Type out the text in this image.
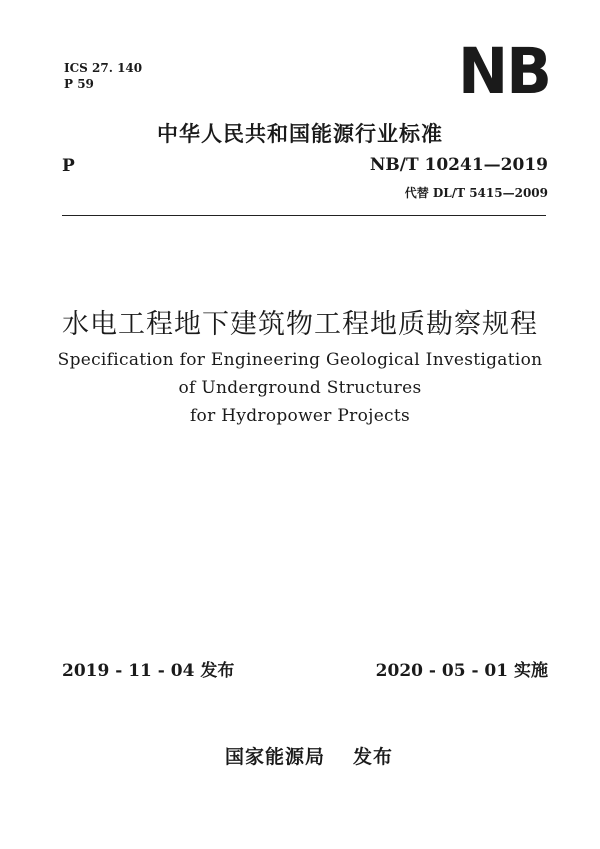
ICS 27. 140
P 59	NB
中华人民共和国能源行业标准
P	NB/T 10241—2019
代替 DL/T 5415—2009
水电工程地下建筑物工程地质勘察规程
Specification for Engineering Geological Investigation
of Underground Structures
for Hydropower Projects
2019 - 11 - 04 发布	2020 - 05 - 01 实施
国家能源局 发布
